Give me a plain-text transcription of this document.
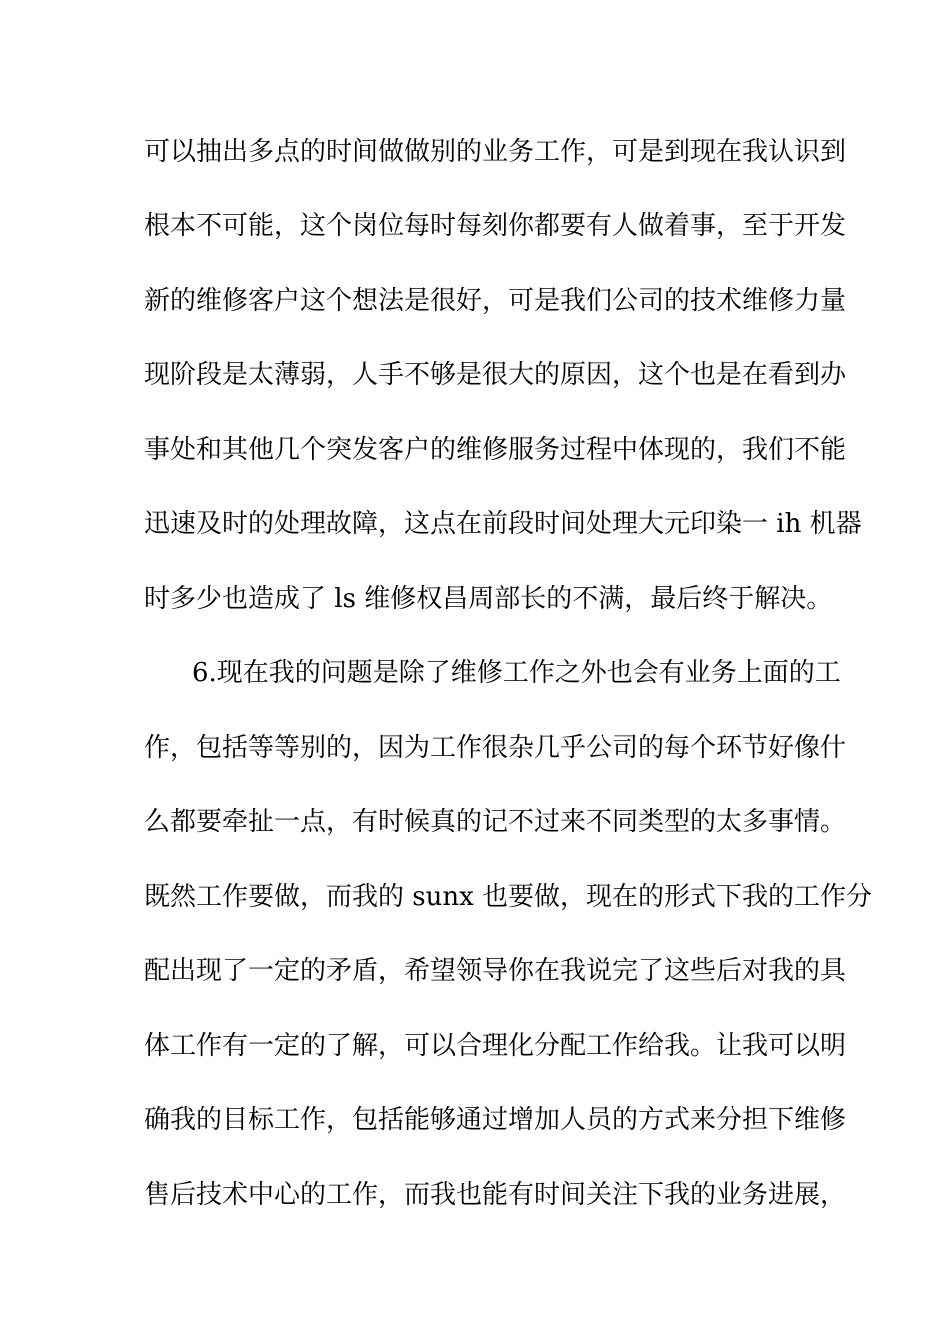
可以抽出多点的时间做做别的业务工作，可是到现在我认识到
根本不可能，这个岗位每时每刻你都要有人做着事，至于开发
新的维修客户这个想法是很好，可是我们公司的技术维修力量
现阶段是太薄弱，人手不够是很大的原因，这个也是在看到办
事处和其他几个突发客户的维修服务过程中体现的，我们不能
迅速及时的处理故障，这点在前段时间处理大元印染一 ih 机器
时多少也造成了 ls 维修权昌周部长的不满，最后终于解决。
6.现在我的问题是除了维修工作之外也会有业务上面的工
作，包括等等别的，因为工作很杂几乎公司的每个环节好像什
么都要牵扯一点，有时候真的记不过来不同类型的太多事情。
既然工作要做，而我的 sunx 也要做，现在的形式下我的工作分
配出现了一定的矛盾，希望领导你在我说完了这些后对我的具
体工作有一定的了解，可以合理化分配工作给我。让我可以明
确我的目标工作，包括能够通过增加人员的方式来分担下维修
售后技术中心的工作，而我也能有时间关注下我的业务进展，
